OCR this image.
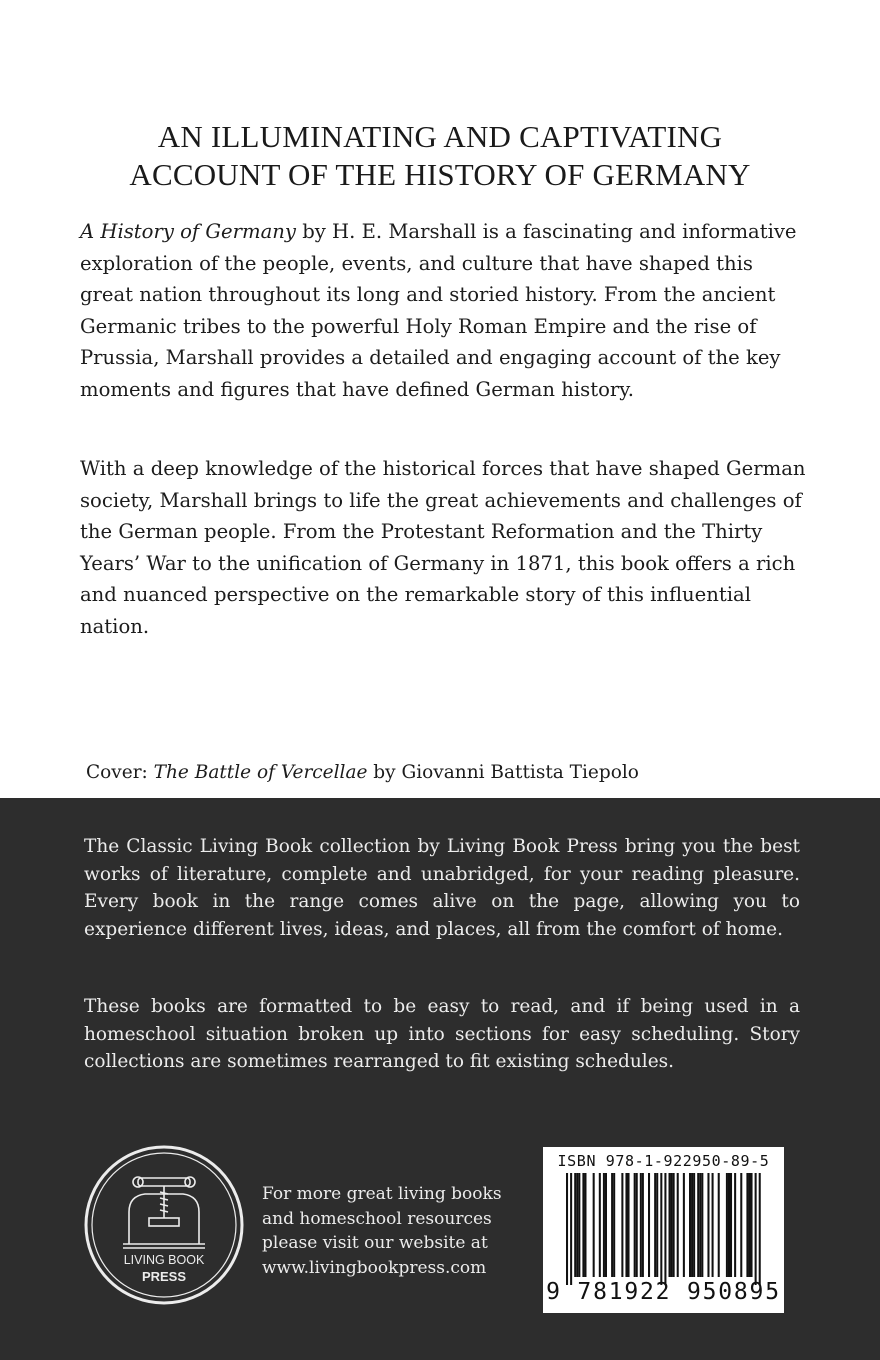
AN ILLUMINATING AND CAPTIVATING
ACCOUNT OF THE HISTORY OF GERMANY
A History of Germany by H. E. Marshall is a fascinating and informative exploration of the people, events, and culture that have shaped this great nation throughout its long and storied history. From the ancient Germanic tribes to the powerful Holy Roman Empire and the rise of Prussia, Marshall provides a detailed and engaging account of the key moments and figures that have defined German history.
With a deep knowledge of the historical forces that have shaped German society, Marshall brings to life the great achievements and challenges of the German people. From the Protestant Reformation and the Thirty Years’ War to the unification of Germany in 1871, this book offers a rich and nuanced perspective on the remarkable story of this influential nation.
Cover: The Battle of Vercellae by Giovanni Battista Tiepolo
The Classic Living Book collection by Living Book Press bring you the best works of literature, complete and unabridged, for your reading pleasure. Every book in the range comes alive on the page, allowing you to experience different lives, ideas, and places, all from the comfort of home.
These books are formatted to be easy to read, and if being used in a homeschool situation broken up into sections for easy scheduling. Story collections are sometimes rearranged to fit existing schedules.
LIVING BOOK
PRESS
For more great living books
and homeschool resources
please visit our website at
www.livingbookpress.com
ISBN 978-1-922950-89-5
9 781922 950895
